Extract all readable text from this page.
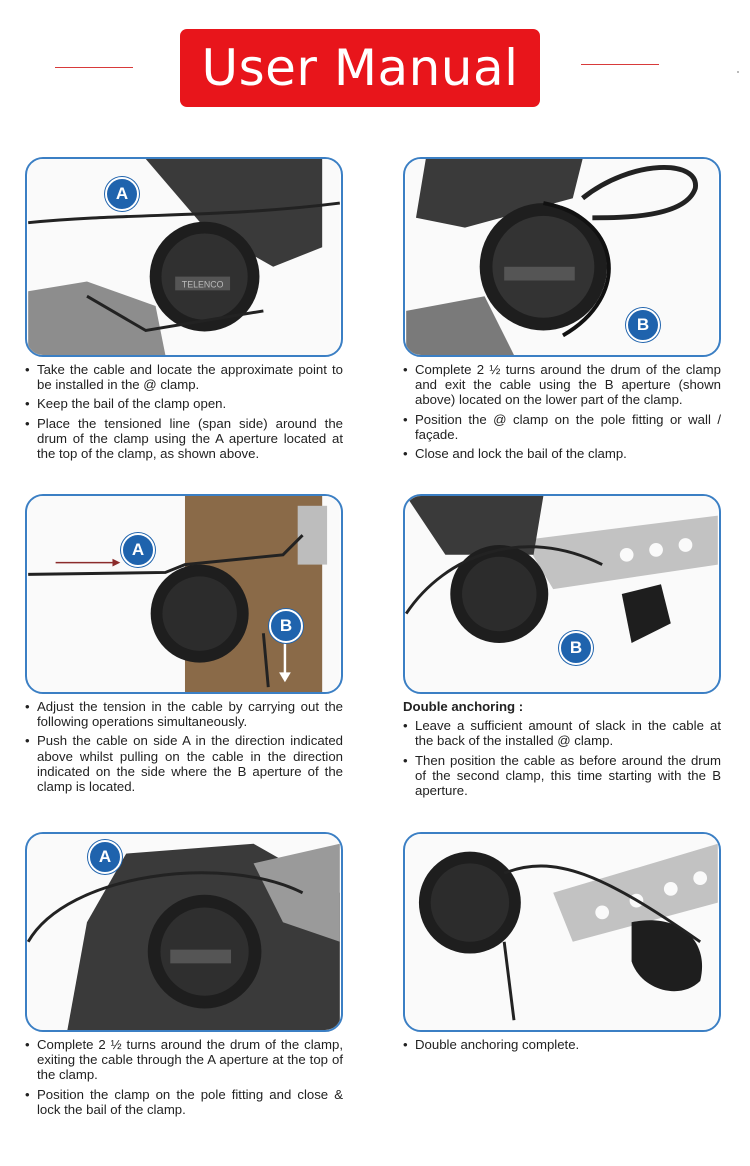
User Manual
TELENCO
A
B
• Take the cable and locate the approximate point to be installed in the @ clamp.
• Keep the bail of the clamp open.
• Place the tensioned line (span side) around the drum of the clamp using the A aperture located at the top of the clamp, as shown above.
• Complete 2 ½ turns around the drum of the clamp and exit the cable using the B aperture (shown above) located on the lower part of the clamp.
• Position the @ clamp on the pole fitting or wall / façade.
• Close and lock the bail of the clamp.
A
B
B
• Adjust the tension in the cable by carrying out the following operations simultaneously.
• Push the cable on side A in the direction indicated above whilst pulling on the cable in the direction indicated on the side where the B aperture of the clamp is located.
Double anchoring :
• Leave a sufficient amount of slack in the cable at the back of the installed @ clamp.
• Then position the cable as before around the drum of the second clamp, this time starting with the B aperture.
A
• Complete 2 ½ turns around the drum of the clamp, exiting the cable through the A aperture at the top of the clamp.
• Position the clamp on the pole fitting and close & lock the bail of the clamp.
• Double anchoring complete.
